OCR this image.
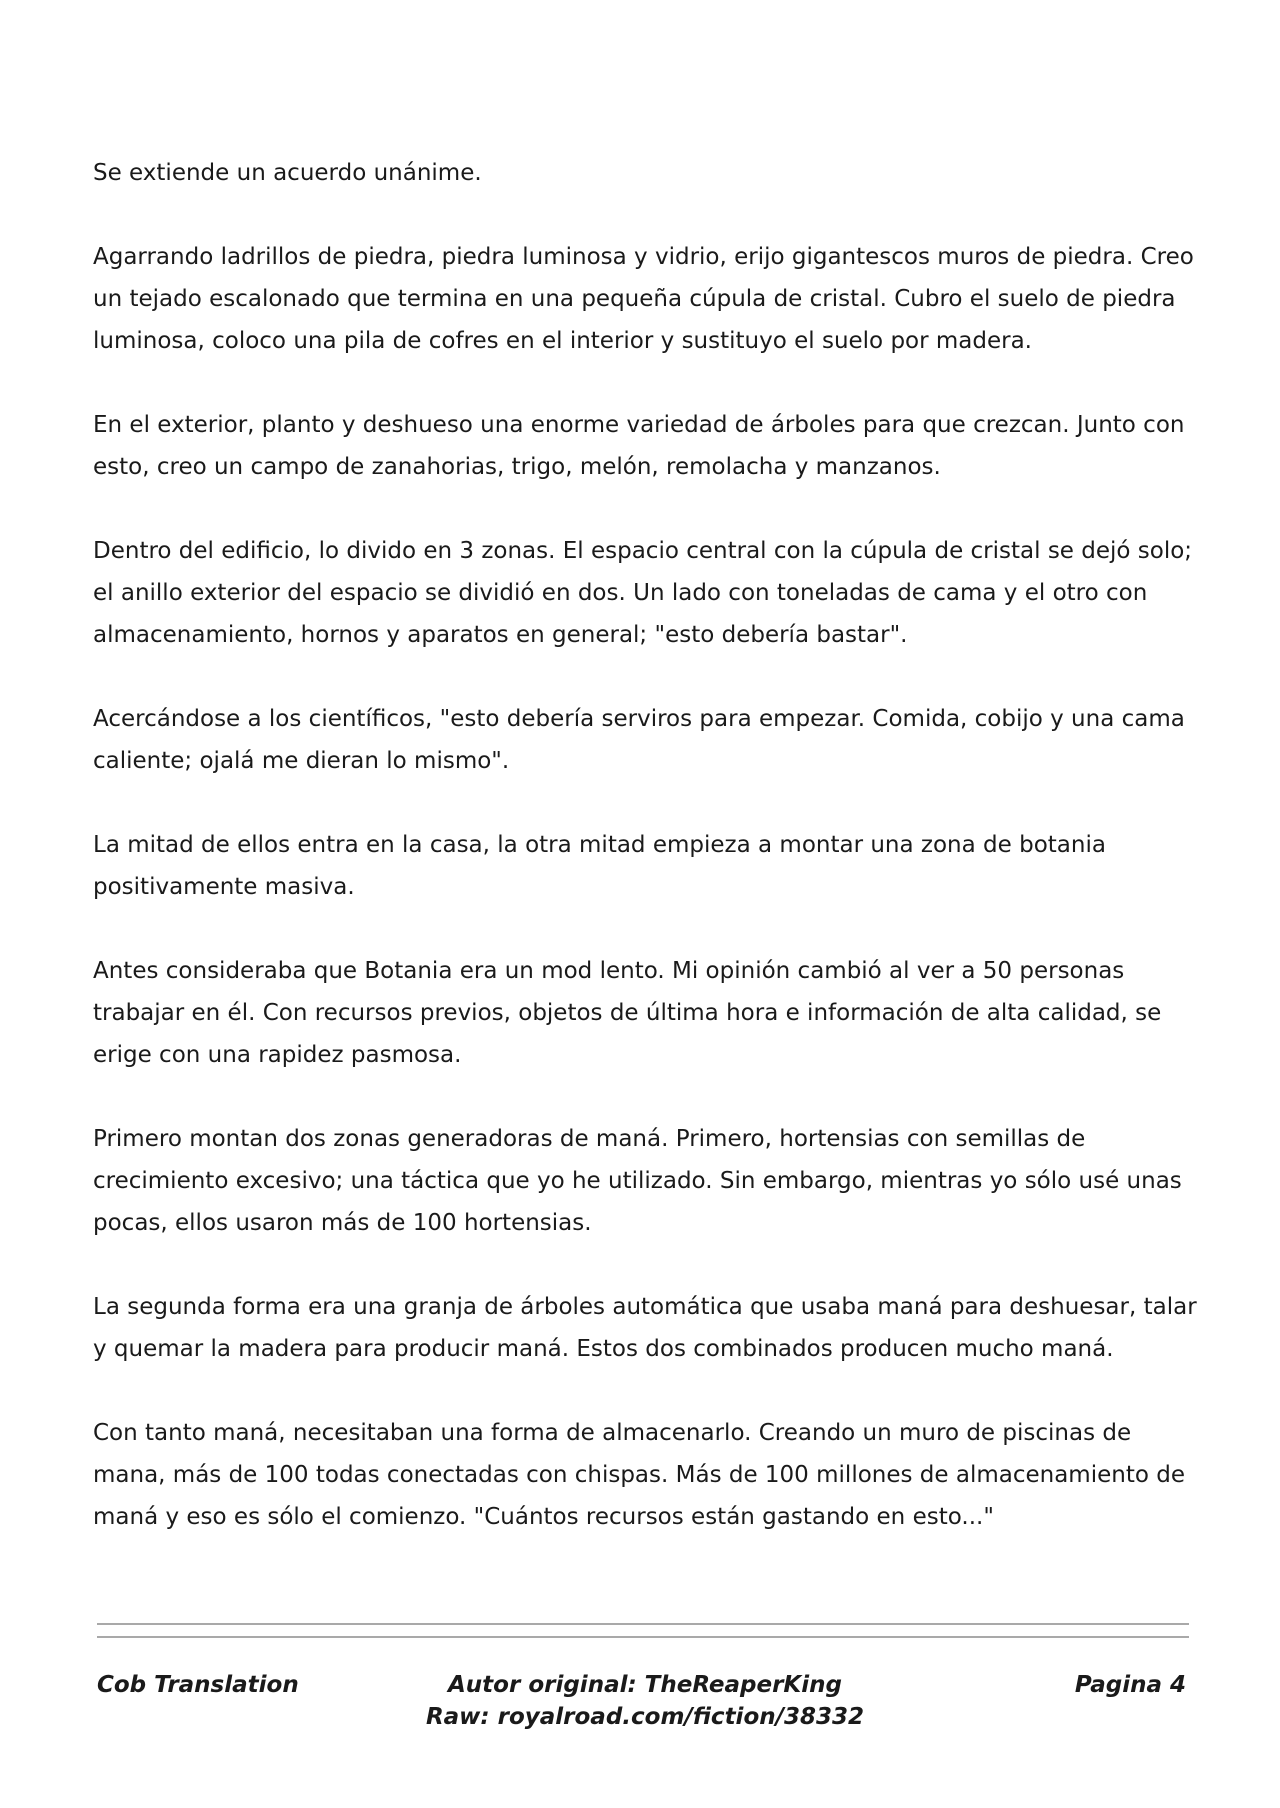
Se extiende un acuerdo unánime.

Agarrando ladrillos de piedra, piedra luminosa y vidrio, erijo gigantescos muros de piedra. Creo un tejado escalonado que termina en una pequeña cúpula de cristal. Cubro el suelo de piedra luminosa, coloco una pila de cofres en el interior y sustituyo el suelo por madera.

En el exterior, planto y deshueso una enorme variedad de árboles para que crezcan. Junto con esto, creo un campo de zanahorias, trigo, melón, remolacha y manzanos.

Dentro del edificio, lo divido en 3 zonas. El espacio central con la cúpula de cristal se dejó solo; el anillo exterior del espacio se dividió en dos. Un lado con toneladas de cama y el otro con almacenamiento, hornos y aparatos en general; "esto debería bastar".

Acercándose a los científicos, "esto debería serviros para empezar. Comida, cobijo y una cama caliente; ojalá me dieran lo mismo".

La mitad de ellos entra en la casa, la otra mitad empieza a montar una zona de botania positivamente masiva.

Antes consideraba que Botania era un mod lento. Mi opinión cambió al ver a 50 personas trabajar en él. Con recursos previos, objetos de última hora e información de alta calidad, se erige con una rapidez pasmosa.

Primero montan dos zonas generadoras de maná. Primero, hortensias con semillas de crecimiento excesivo; una táctica que yo he utilizado. Sin embargo, mientras yo sólo usé unas pocas, ellos usaron más de 100 hortensias.

La segunda forma era una granja de árboles automática que usaba maná para deshuesar, talar y quemar la madera para producir maná. Estos dos combinados producen mucho maná.

Con tanto maná, necesitaban una forma de almacenarlo. Creando un muro de piscinas de mana, más de 100 todas conectadas con chispas. Más de 100 millones de almacenamiento de maná y eso es sólo el comienzo. "Cuántos recursos están gastando en esto..."

Cob Translation	Autor original: TheReaperKing
Raw: royalroad.com/fiction/38332
Pagina 4
